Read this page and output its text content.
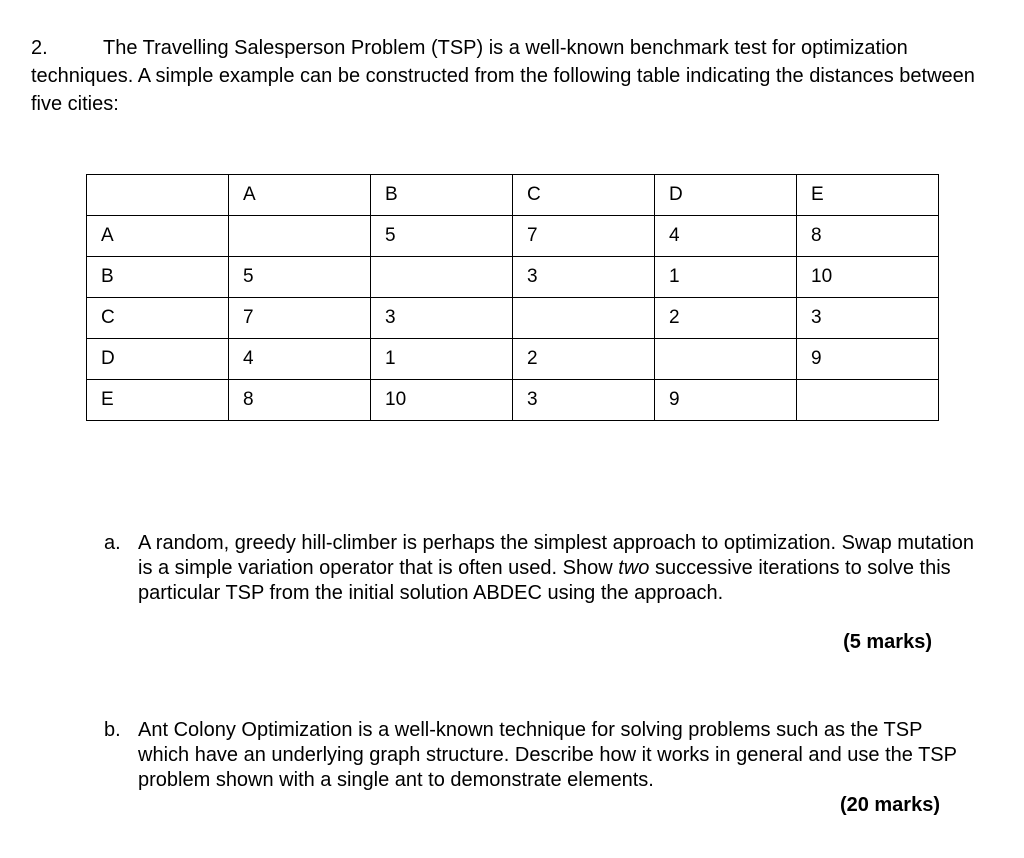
2.	The Travelling Salesperson Problem (TSP) is a well-known benchmark test for optimization techniques. A simple example can be constructed from the following table indicating the distances between five cities:
	A	B	C	D	E
A		5	7	4	8
B	5		3	1	10
C	7	3		2	3
D	4	1	2		9
E	8	10	3	9	
a. A random, greedy hill-climber is perhaps the simplest approach to optimization. Swap mutation is a simple variation operator that is often used. Show two successive iterations to solve this particular TSP from the initial solution ABDEC using the approach.
(5 marks)
b. Ant Colony Optimization is a well-known technique for solving problems such as the TSP which have an underlying graph structure. Describe how it works in general and use the TSP problem shown with a single ant to demonstrate elements.
(20 marks)
